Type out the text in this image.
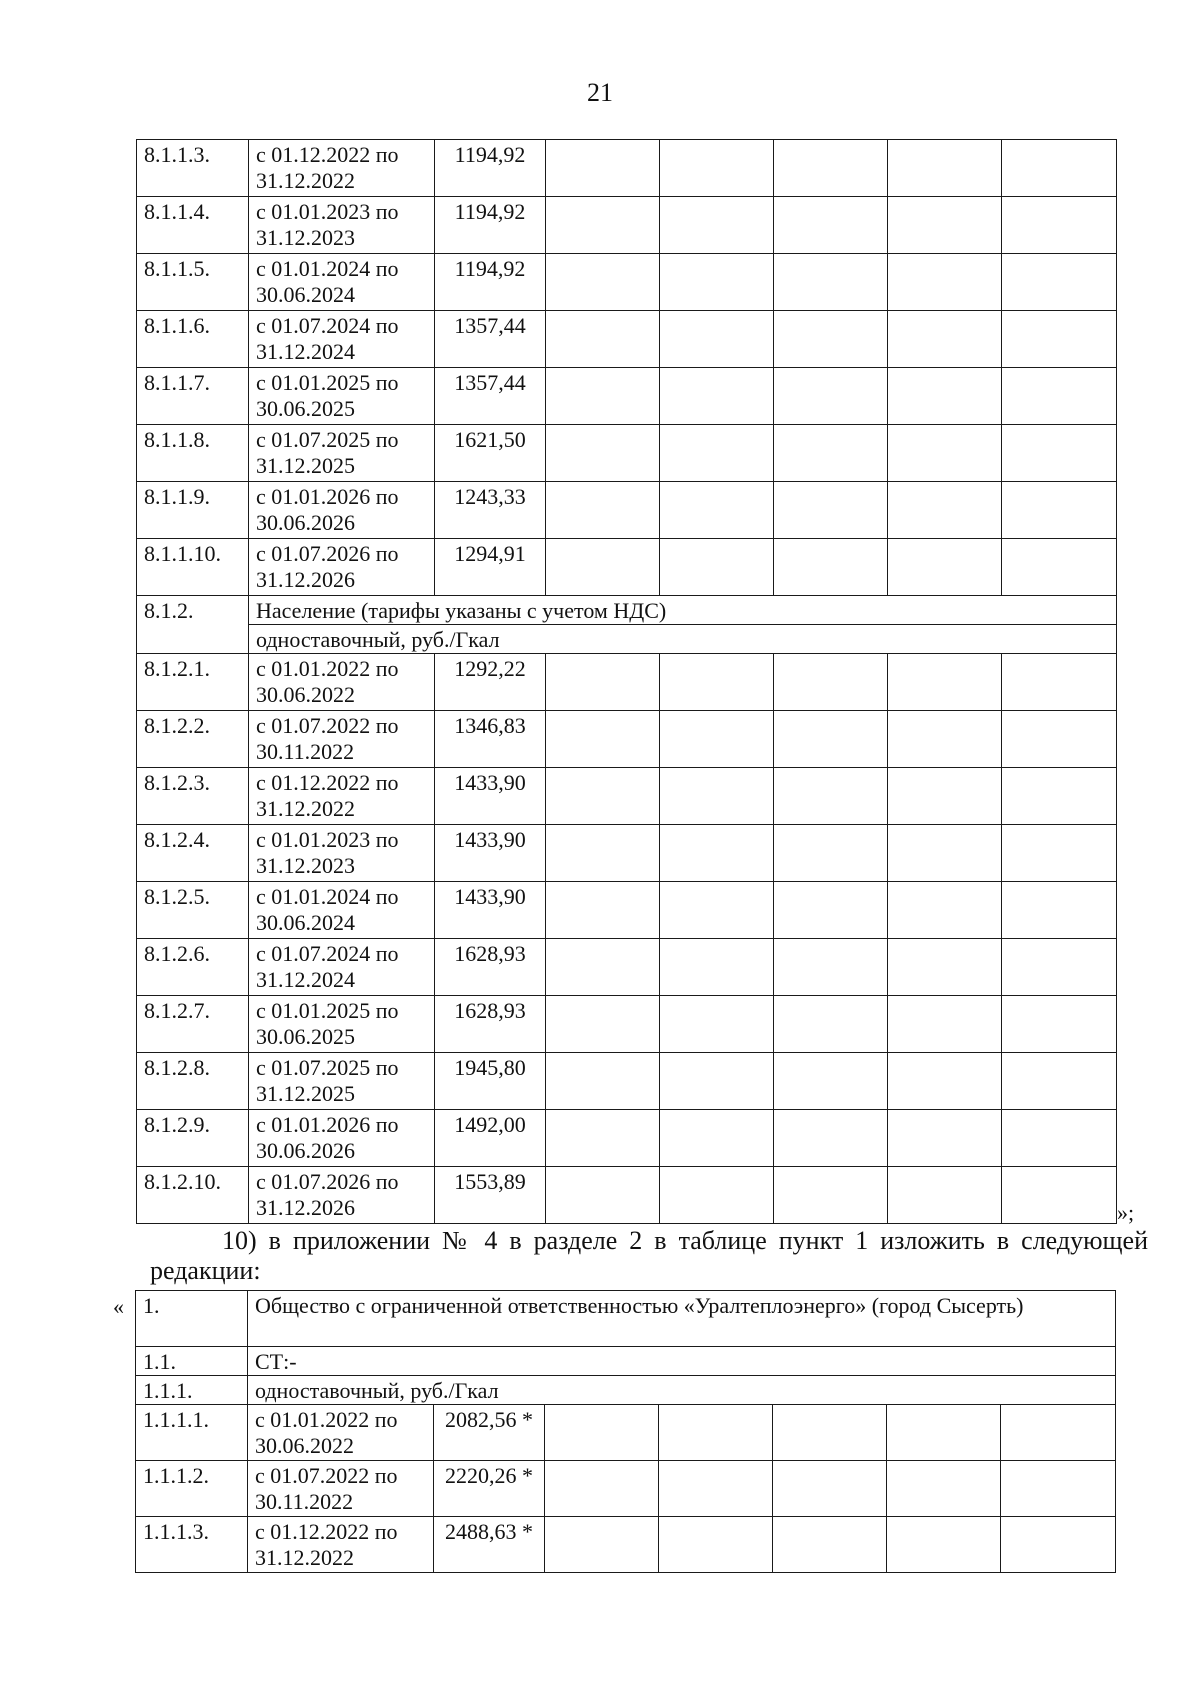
21
8.1.1.3.	с 01.12.2022 по 31.12.2022	1194,92					
8.1.1.4.	с 01.01.2023 по 31.12.2023	1194,92					
8.1.1.5.	с 01.01.2024 по 30.06.2024	1194,92					
8.1.1.6.	с 01.07.2024 по 31.12.2024	1357,44					
8.1.1.7.	с 01.01.2025 по 30.06.2025	1357,44					
8.1.1.8.	с 01.07.2025 по 31.12.2025	1621,50					
8.1.1.9.	с 01.01.2026 по 30.06.2026	1243,33					
8.1.1.10.	с 01.07.2026 по 31.12.2026	1294,91					
8.1.2.	Население (тарифы указаны с учетом НДС)						
	одноставочный, руб./Гкал						
8.1.2.1.	с 01.01.2022 по 30.06.2022	1292,22					
8.1.2.2.	с 01.07.2022 по 30.11.2022	1346,83					
8.1.2.3.	с 01.12.2022 по 31.12.2022	1433,90					
8.1.2.4.	с 01.01.2023 по 31.12.2023	1433,90					
8.1.2.5.	с 01.01.2024 по 30.06.2024	1433,90					
8.1.2.6.	с 01.07.2024 по 31.12.2024	1628,93					
8.1.2.7.	с 01.01.2025 по 30.06.2025	1628,93					
8.1.2.8.	с 01.07.2025 по 31.12.2025	1945,80					
8.1.2.9.	с 01.01.2026 по 30.06.2026	1492,00					
8.1.2.10.	с 01.07.2026 по 31.12.2026	1553,89					
»;
10) в приложении № 4 в разделе 2 в таблице пункт 1 изложить в следующей редакции:
« 1.	Общество с ограниченной ответственностью «Уралтеплоэнерго» (город Сысерть)						
1.1.	СТ:-						
1.1.1.	одноставочный, руб./Гкал						
1.1.1.1.	с 01.01.2022 по 30.06.2022	2082,56 *					
1.1.1.2.	с 01.07.2022 по 30.11.2022	2220,26 *					
1.1.1.3.	с 01.12.2022 по 31.12.2022	2488,63 *					
